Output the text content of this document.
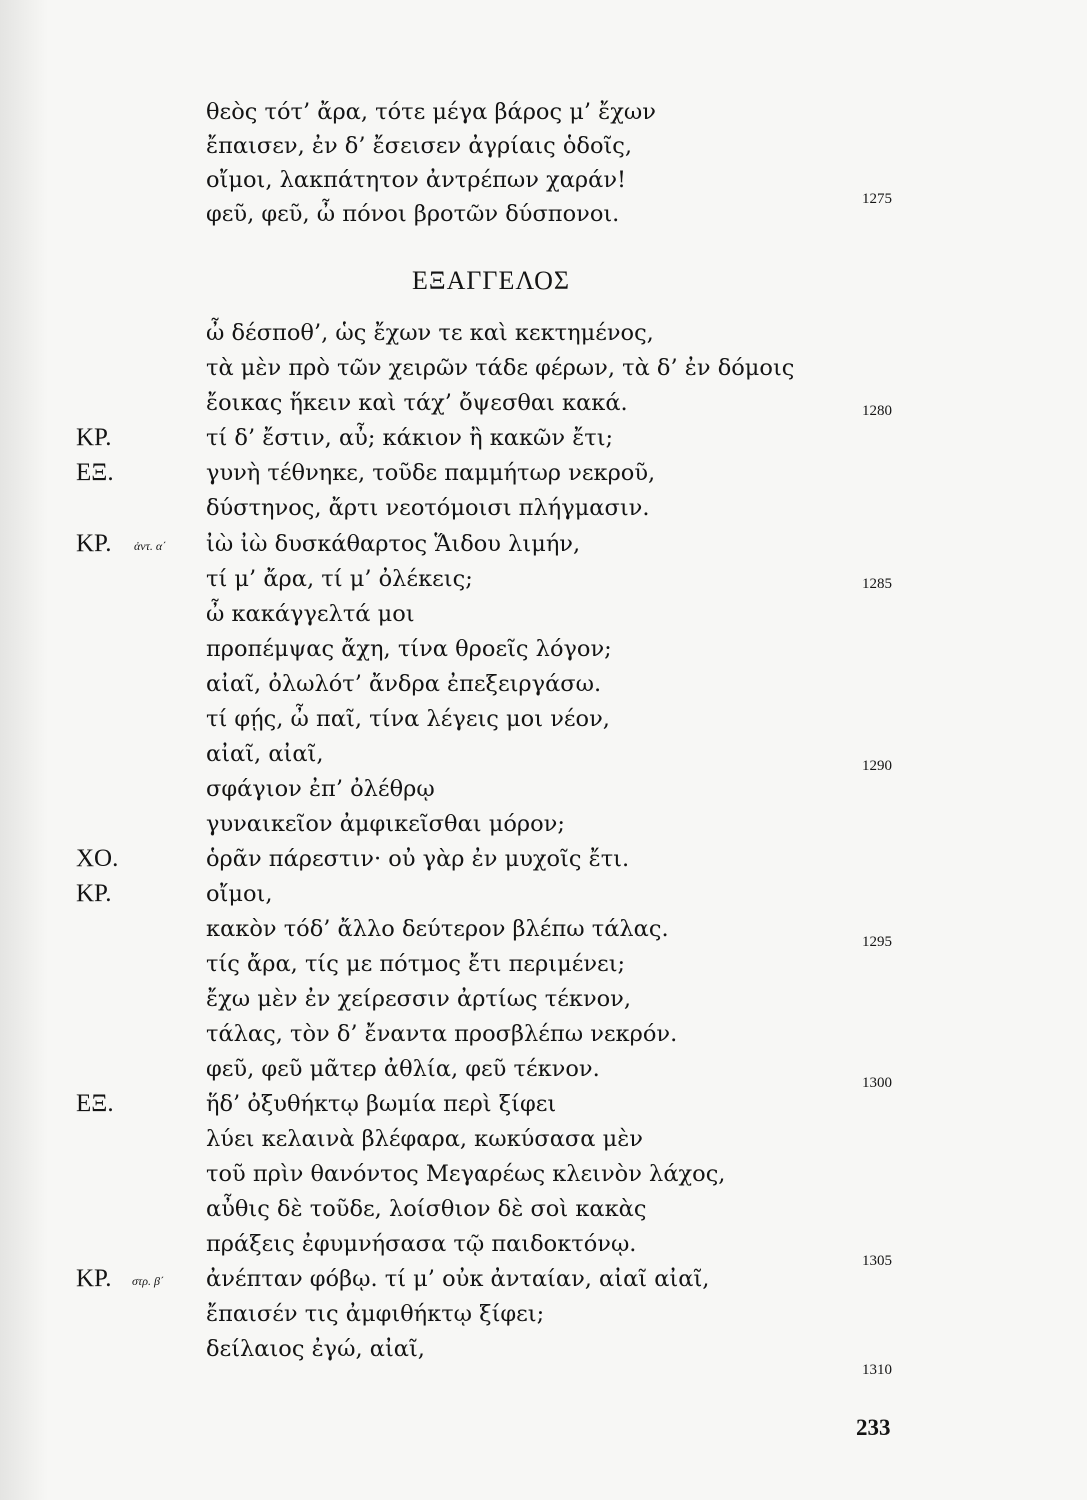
θεὸς τότ’ ἄρα, τότε μέγα βάρος μ’ ἔχων
ἔπαισεν, ἐν δ’ ἔσεισεν ἀγρίαις ὁδοῖς,
οἴμοι, λακπάτητον ἀντρέπων χαράν!
φεῦ, φεῦ, ὦ πόνοι βροτῶν δύσπονοι.
ΕΞΑΓΓΕΛΟΣ
ὦ δέσποθ’, ὡς ἔχων τε καὶ κεκτημένος,
τὰ μὲν πρὸ τῶν χειρῶν τάδε φέρων, τὰ δ’ ἐν δόμοις
ἔοικας ἥκειν καὶ τάχ’ ὄψεσθαι κακά.
τί δ’ ἔστιν, αὖ; κάκιον ἢ κακῶν ἔτι;
γυνὴ τέθνηκε, τοῦδε παμμήτωρ νεκροῦ,
δύστηνος, ἄρτι νεοτόμοισι πλήγμασιν.
ἰὼ ἰὼ δυσκάθαρτος Ἅιδου λιμήν,
τί μ’ ἄρα, τί μ’ ὀλέκεις;
ὦ κακάγγελτά μοι
προπέμψας ἄχη, τίνα θροεῖς λόγον;
αἰαῖ, ὀλωλότ’ ἄνδρα ἐπεξειργάσω.
τί φῄς, ὦ παῖ, τίνα λέγεις μοι νέον,
αἰαῖ, αἰαῖ,
σφάγιον ἐπ’ ὀλέθρῳ
γυναικεῖον ἀμφικεῖσθαι μόρον;
ὁρᾶν πάρεστιν· οὐ γὰρ ἐν μυχοῖς ἔτι.
οἴμοι,
κακὸν τόδ’ ἄλλο δεύτερον βλέπω τάλας.
τίς ἄρα, τίς με πότμος ἔτι περιμένει;
ἔχω μὲν ἐν χείρεσσιν ἀρτίως τέκνον,
τάλας, τὸν δ’ ἔναντα προσβλέπω νεκρόν.
φεῦ, φεῦ μᾶτερ ἀθλία, φεῦ τέκνον.
ἥδ’ ὀξυθήκτῳ βωμία περὶ ξίφει
λύει κελαινὰ βλέφαρα, κωκύσασα μὲν
τοῦ πρὶν θανόντος Μεγαρέως κλεινὸν λάχος,
αὖθις δὲ τοῦδε, λοίσθιον δὲ σοὶ κακὰς
πράξεις ἐφυμνήσασα τῷ παιδοκτόνῳ.
ἀνέπταν φόβῳ. τί μ’ οὐκ ἀνταίαν, αἰαῖ αἰαῖ,
ἔπαισέν τις ἀμφιθήκτῳ ξίφει;
δείλαιος ἐγώ, αἰαῖ,
ΚΡ.
ΕΞ.
ΚΡ.
ΧΟ.
ΚΡ.
ΕΞ.
ΚΡ.
ἀντ. α΄
στρ. β΄
1275
1280
1285
1290
1295
1300
1305
1310
233
